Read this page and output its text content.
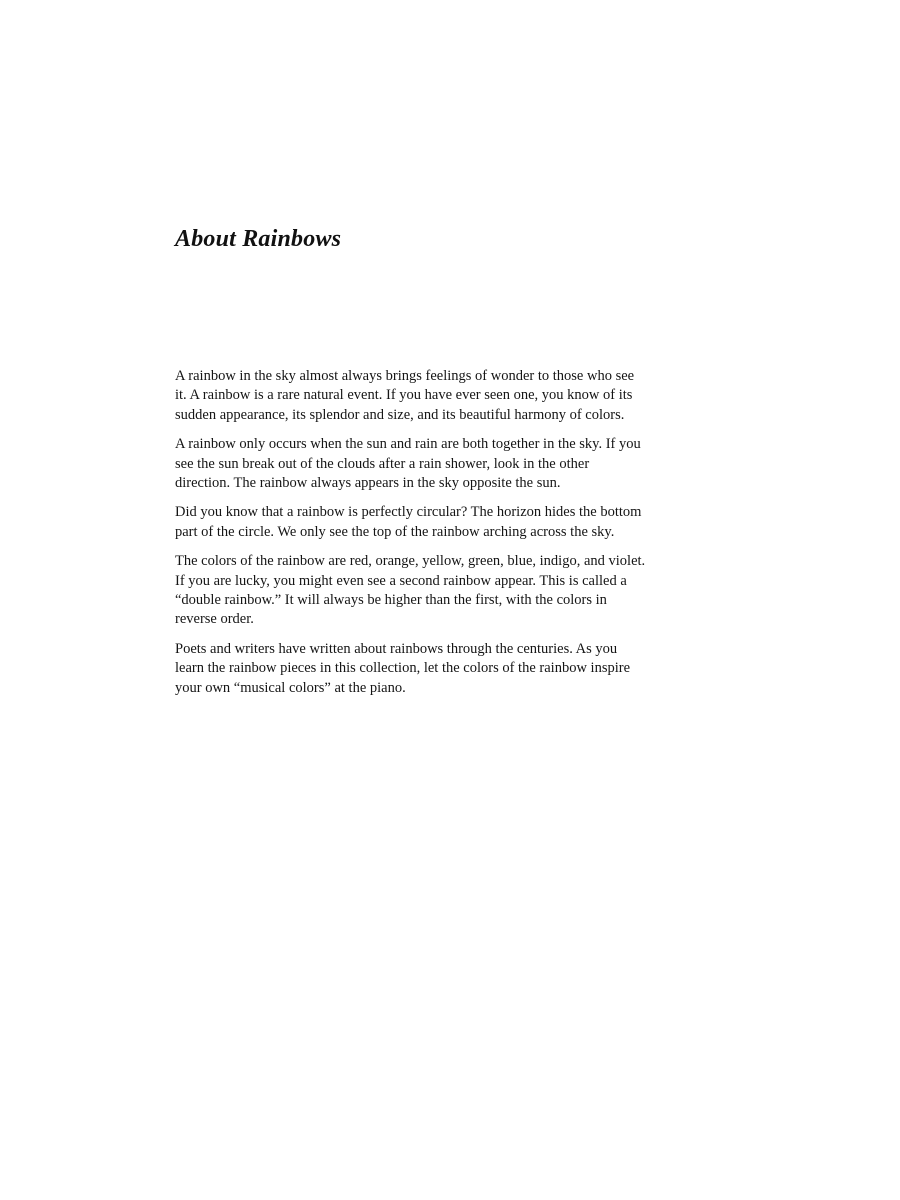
About Rainbows

A rainbow in the sky almost always brings feelings of wonder to those who see it. A rainbow is a rare natural event. If you have ever seen one, you know of its sudden appearance, its splendor and size, and its beautiful harmony of colors.

A rainbow only occurs when the sun and rain are both together in the sky. If you see the sun break out of the clouds after a rain shower, look in the other direction. The rainbow always appears in the sky opposite the sun.

Did you know that a rainbow is perfectly circular? The horizon hides the bottom part of the circle. We only see the top of the rainbow arching across the sky.

The colors of the rainbow are red, orange, yellow, green, blue, indigo, and violet. If you are lucky, you might even see a second rainbow appear. This is called a “double rainbow.” It will always be higher than the first, with the colors in reverse order.

Poets and writers have written about rainbows through the centuries. As you learn the rainbow pieces in this collection, let the colors of the rainbow inspire your own “musical colors” at the piano.
